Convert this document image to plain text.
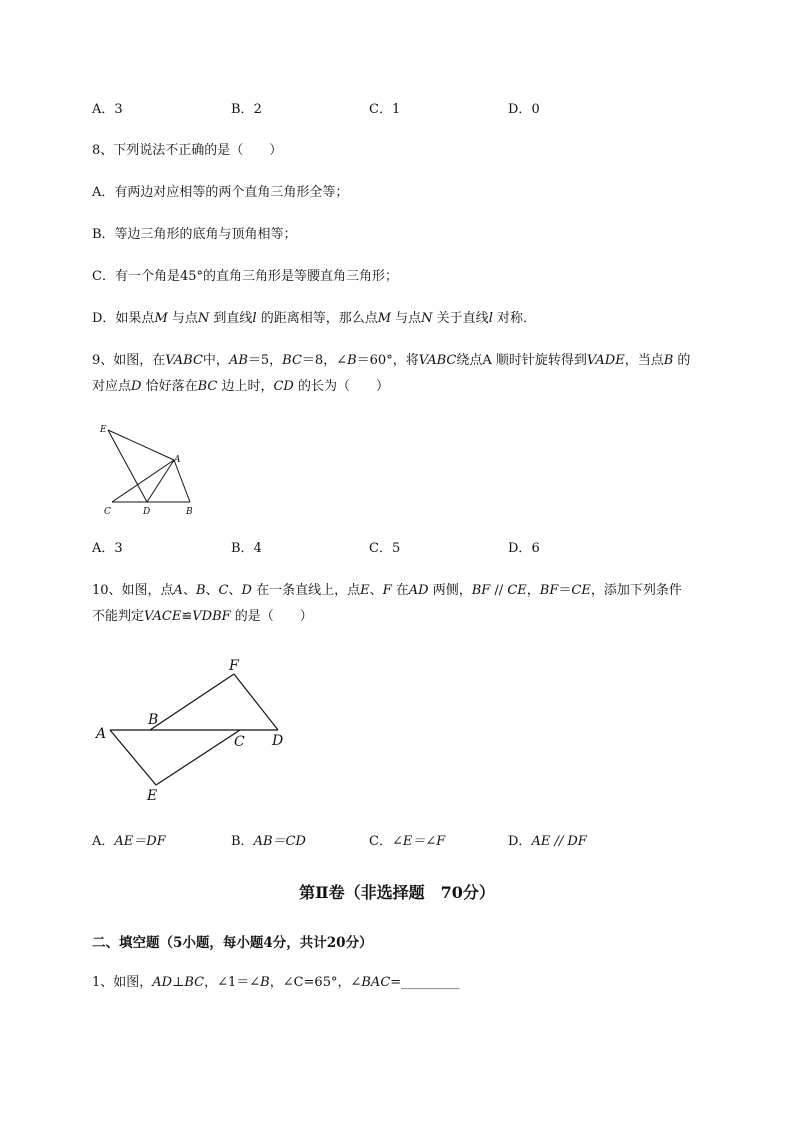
A．3	B．2	C．1	D．0
8、下列说法不正确的是（　　）
A．有两边对应相等的两个直角三角形全等；
B．等边三角形的底角与顶角相等；
C．有一个角是45°的直角三角形是等腰直角三角形；
D．如果点M 与点N 到直线l 的距离相等，那么点M 与点N 关于直线l 对称．
9、如图，在VABC中，AB＝5，BC＝8，∠B＝60°，将VABC绕点A 顺时针旋转得到VADE，当点B 的
对应点D 恰好落在BC 边上时，CD 的长为（　　）
E
A
C	D	B
A．3	B．4	C．5	D．6
10、如图，点A、B、C、D 在一条直线上，点E、F 在AD 两侧，BF // CE，BF＝CE，添加下列条件
不能判定VACE≌VDBF 的是（　　）
F
B
A	C D
E
A．AE＝DF	B．AB＝CD	C．∠E＝∠F	D．AE // DF
第Ⅱ卷（非选择题　70分）
二、填空题（5小题，每小题4分，共计20分）
1、如图，AD⊥BC，∠1＝∠B，∠C=65°，∠BAC=_________
